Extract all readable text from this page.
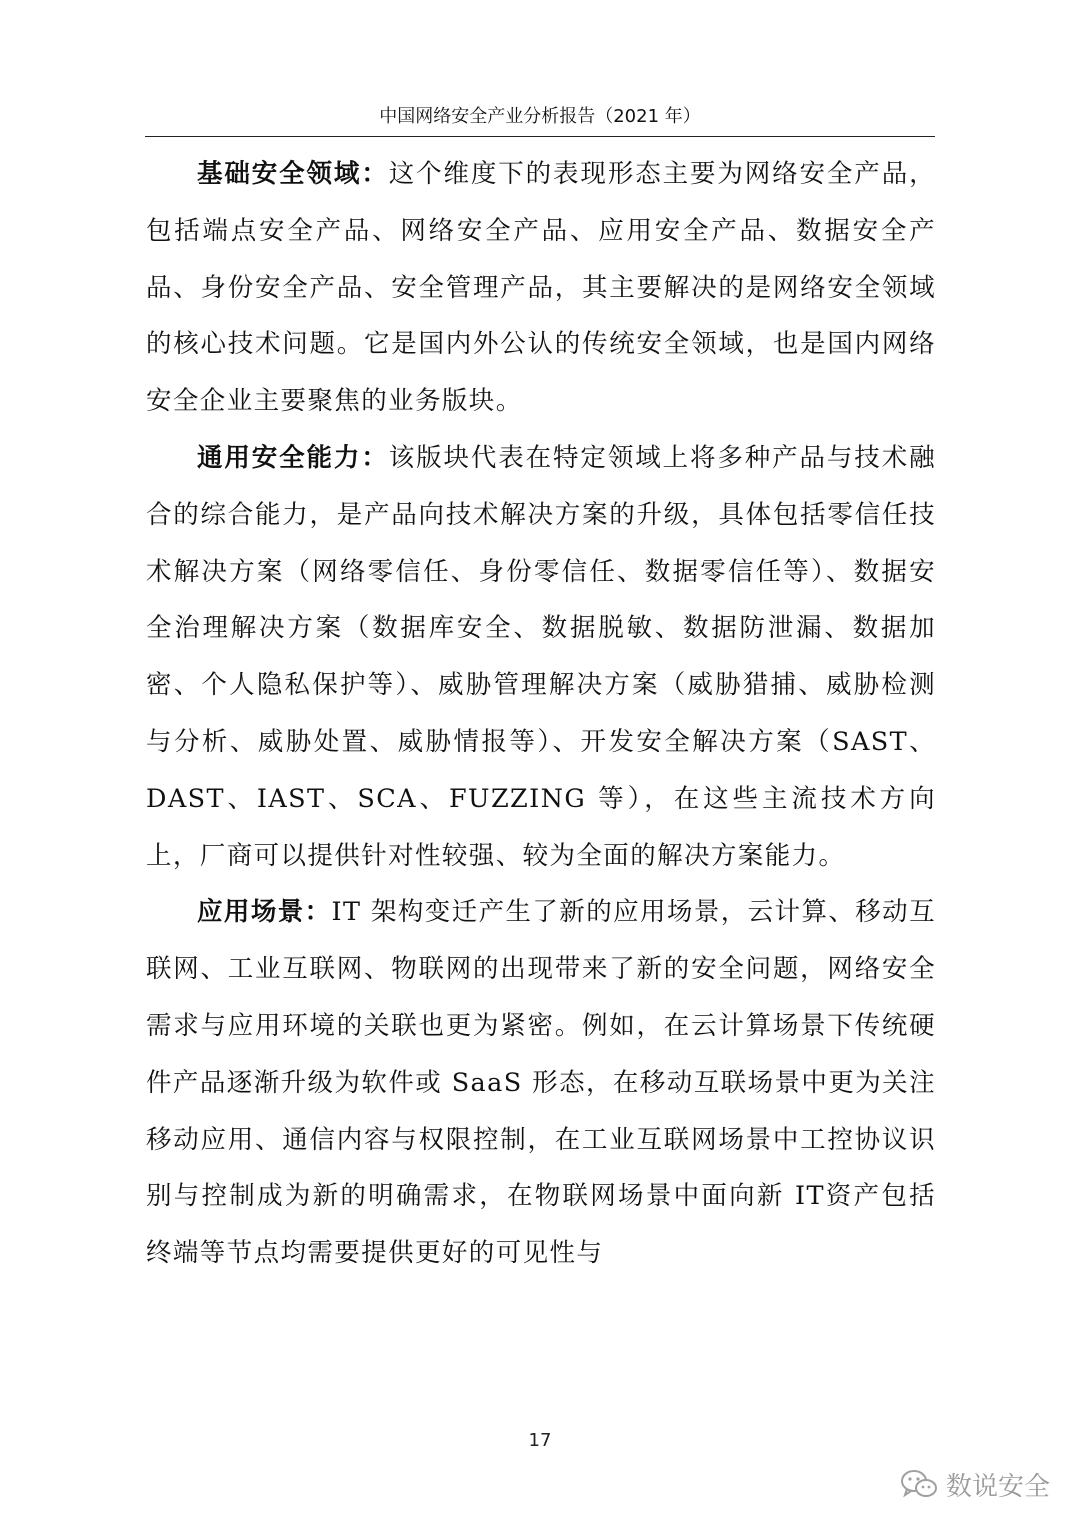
中国网络安全产业分析报告（2021 年）

基础安全领域：这个维度下的表现形态主要为网络安全产品，包括端点安全产品、网络安全产品、应用安全产品、数据安全产品、身份安全产品、安全管理产品，其主要解决的是网络安全领域的核心技术问题。它是国内外公认的传统安全领域，也是国内网络安全企业主要聚焦的业务版块。

通用安全能力：该版块代表在特定领域上将多种产品与技术融合的综合能力，是产品向技术解决方案的升级，具体包括零信任技术解决方案（网络零信任、身份零信任、数据零信任等）、数据安全治理解决方案（数据库安全、数据脱敏、数据防泄漏、数据加密、个人隐私保护等）、威胁管理解决方案（威胁猎捕、威胁检测与分析、威胁处置、威胁情报等）、开发安全解决方案（SAST、DAST、IAST、SCA、FUZZING 等），在这些主流技术方向上，厂商可以提供针对性较强、较为全面的解决方案能力。

应用场景：IT 架构变迁产生了新的应用场景，云计算、移动互联网、工业互联网、物联网的出现带来了新的安全问题，网络安全需求与应用环境的关联也更为紧密。例如，在云计算场景下传统硬件产品逐渐升级为软件或 SaaS 形态，在移动互联场景中更为关注移动应用、通信内容与权限控制，在工业互联网场景中工控协议识别与控制成为新的明确需求，在物联网场景中面向新 IT资产包括终端等节点均需要提供更好的可见性与

17
数说安全
